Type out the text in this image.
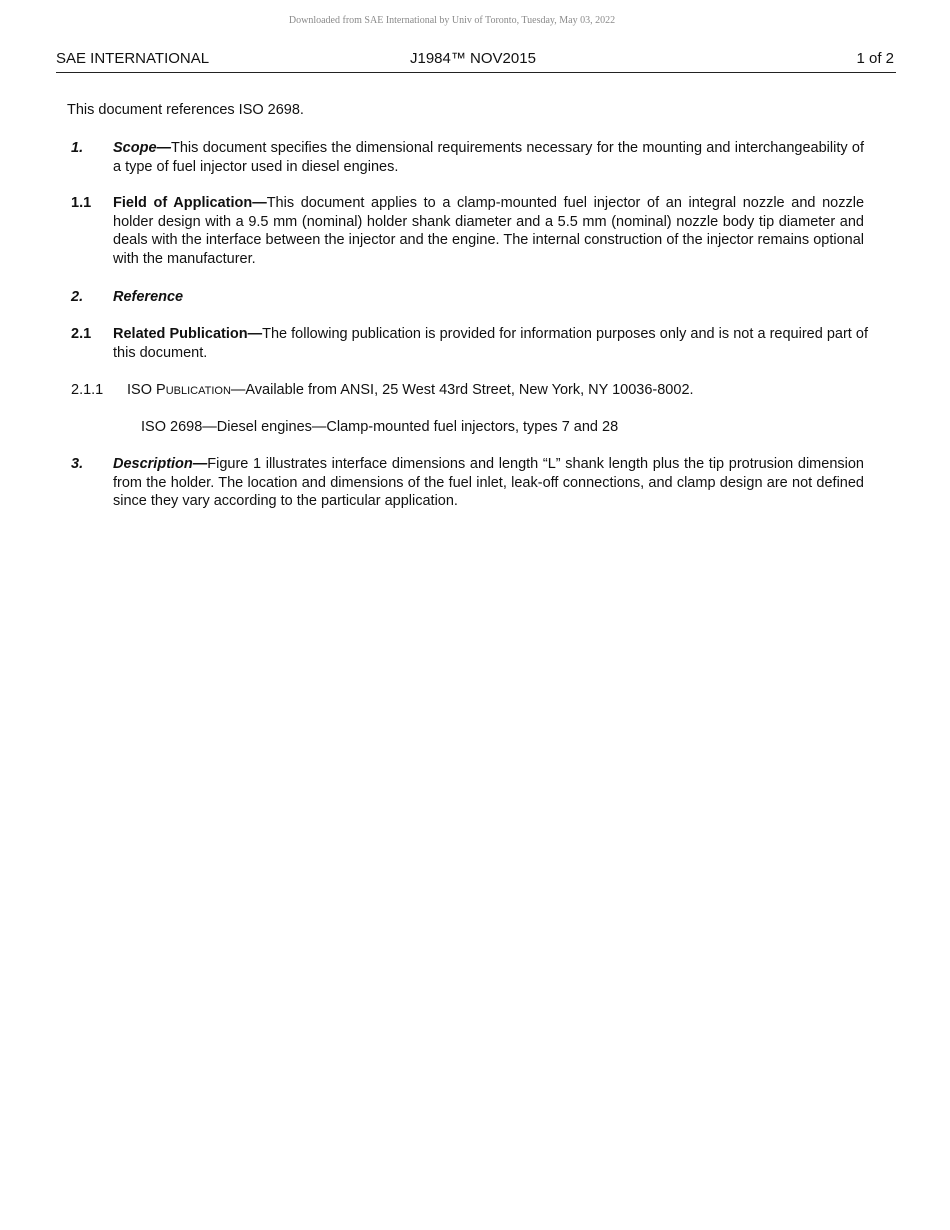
Downloaded from SAE International by Univ of Toronto, Tuesday, May 03, 2022
SAE INTERNATIONAL	J1984™ NOV2015	1 of 2
This document references ISO 2698.
1. Scope—This document specifies the dimensional requirements necessary for the mounting and interchangeability of a type of fuel injector used in diesel engines.
1.1 Field of Application—This document applies to a clamp-mounted fuel injector of an integral nozzle and nozzle holder design with a 9.5 mm (nominal) holder shank diameter and a 5.5 mm (nominal) nozzle body tip diameter and deals with the interface between the injector and the engine. The internal construction of the injector remains optional with the manufacturer.
2. Reference
2.1 Related Publication—The following publication is provided for information purposes only and is not a required part of this document.
2.1.1 ISO PUBLICATION—Available from ANSI, 25 West 43rd Street, New York, NY 10036-8002.
ISO 2698—Diesel engines—Clamp-mounted fuel injectors, types 7 and 28
3. Description—Figure 1 illustrates interface dimensions and length “L” shank length plus the tip protrusion dimension from the holder. The location and dimensions of the fuel inlet, leak-off connections, and clamp design are not defined since they vary according to the particular application.
